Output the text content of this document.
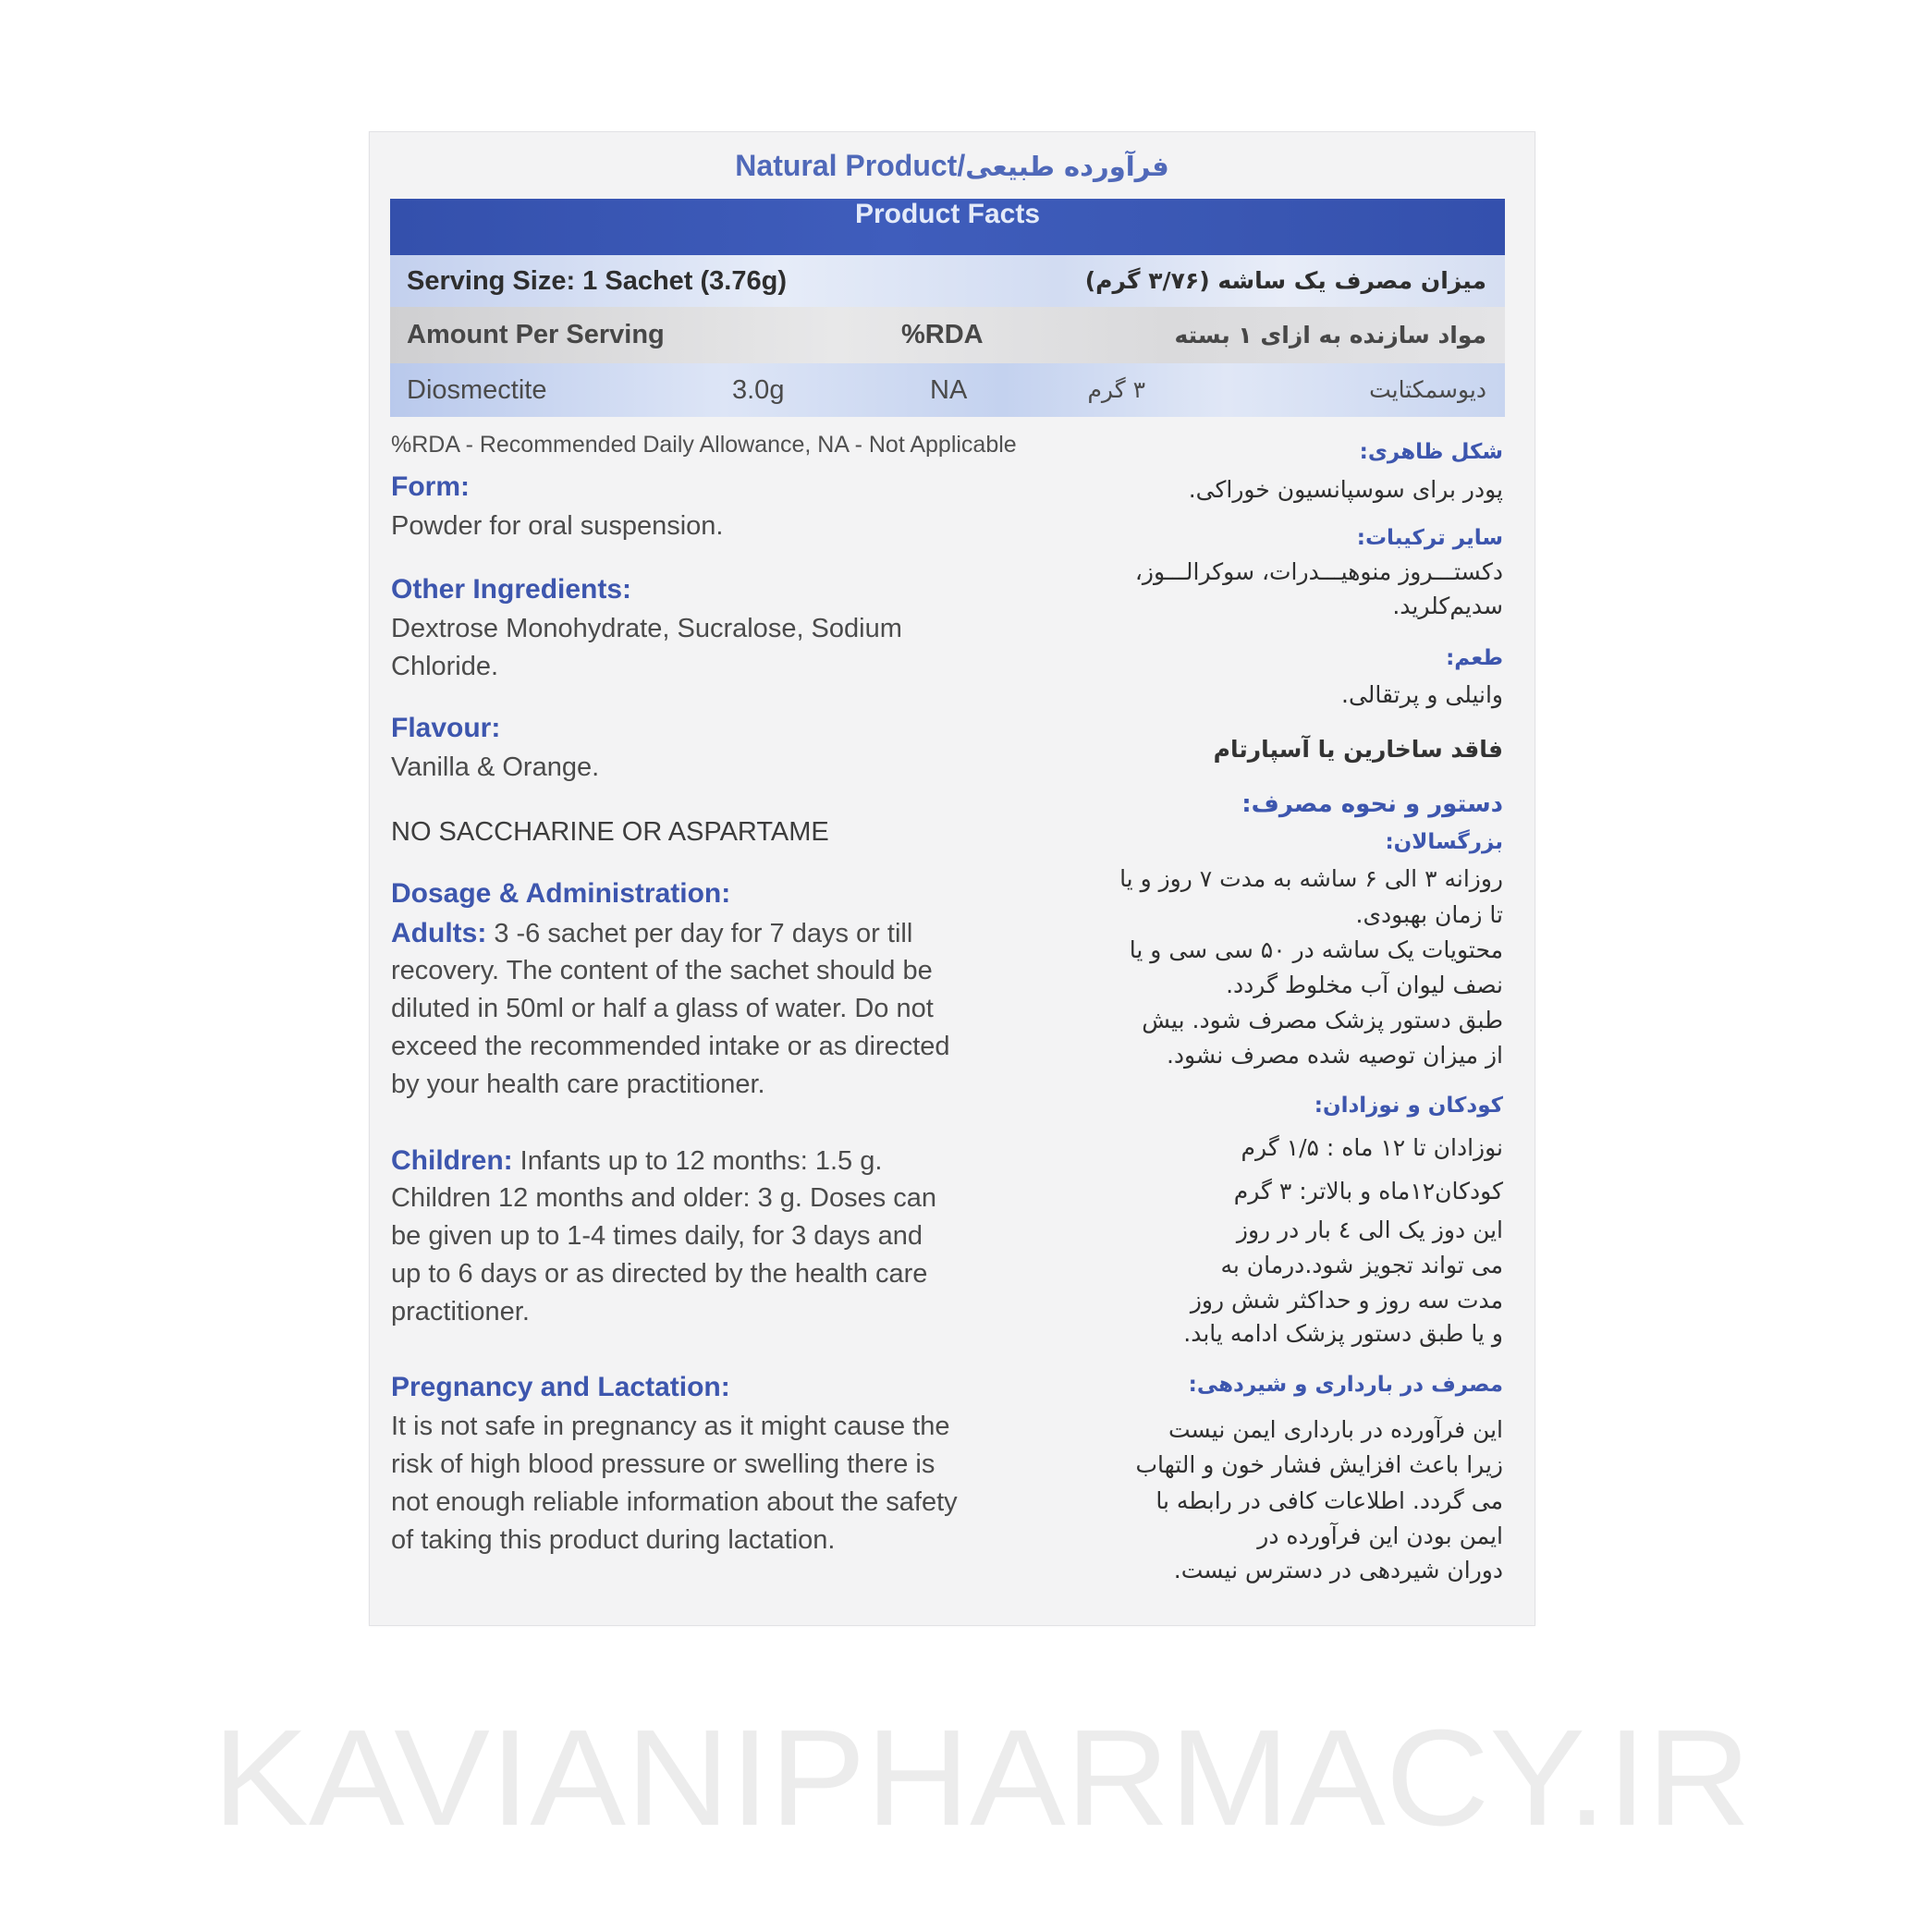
Natural Product/فرآورده طبیعی
Product Facts
Serving Size: 1 Sachet (3.76g)	میزان مصرف یک ساشه (۳/۷۶ گرم)
Amount Per Serving	%RDA	مواد سازنده به ازای ۱ بسته
Diosmectite	3.0g	NA	۳ گرم	دیوسمکتایت
%RDA - Recommended Daily Allowance, NA - Not Applicable
Form:
Powder for oral suspension.
Other Ingredients:
Dextrose Monohydrate, Sucralose, Sodium
Chloride.
Flavour:
Vanilla & Orange.
NO SACCHARINE OR ASPARTAME
Dosage & Administration:
Adults: 3 -6 sachet per day for 7 days or till
recovery. The content of the sachet should be
diluted in 50ml or half a glass of water. Do not
exceed the recommended intake or as directed
by your health care practitioner.
Children: Infants up to 12 months: 1.5 g.
Children 12 months and older: 3 g. Doses can
be given up to 1-4 times daily, for 3 days and
up to 6 days or as directed by the health care
practitioner.
Pregnancy and Lactation:
It is not safe in pregnancy as it might cause the
risk of high blood pressure or swelling there is
not enough reliable information about the safety
of taking this product during lactation.
شکل ظاهری:
پودر برای سوسپانسیون خوراکی.
سایر ترکیبات:
دکستـــروز منوهیـــدرات، سوکرالـــوز،
سدیم‌کلرید.
طعم:
وانیلی و پرتقالی.
فاقد ساخارین یا آسپارتام
دستور و نحوه مصرف:
بزرگسالان:
روزانه ۳ الی ۶ ساشه به مدت ۷ روز و یا
تا زمان بهبودی.
محتویات یک ساشه در ۵۰ سی سی و یا
نصف لیوان آب مخلوط گردد.
طبق دستور پزشک مصرف شود. بیش
از میزان توصیه شده مصرف نشود.
کودکان و نوزادان:
نوزادان تا ۱۲ ماه : ۱/۵ گرم
کودکان۱۲ماه و بالاتر: ۳ گرم
این دوز یک الی ٤ بار در روز
می تواند تجویز شود.درمان به
مدت سه روز و حداکثر شش روز
و یا طبق دستور پزشک ادامه یابد.
مصرف در بارداری و شیردهی:
این فرآورده در بارداری ایمن نیست
زیرا باعث افزایش فشار خون و التهاب
می گردد. اطلاعات کافی در رابطه با
ایمن بودن این فرآورده در
دوران شیردهی در دسترس نیست.
KAVIANIPHARMACY.IR
